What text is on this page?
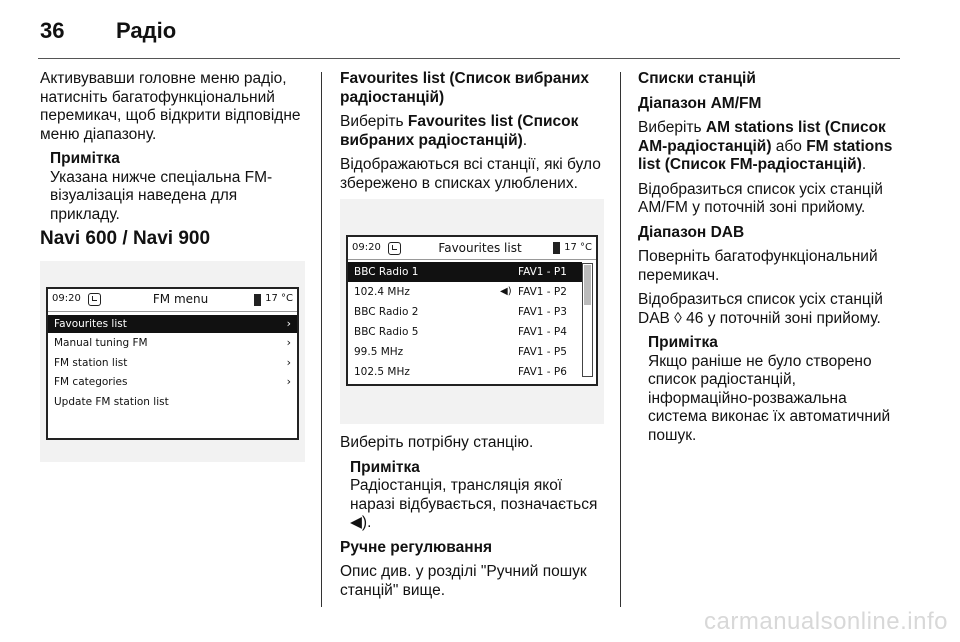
36 Радіо

Активувавши головне меню радіо, натисніть багатофункціональний перемикач, щоб відкрити відповідне меню діапазону.

Примітка
Указана нижче спеціальна FM-візуалізація наведена для прикладу.
Navi 600 / Navi 900
09:20	FM menu	17 °C
Favourites list	›
Manual tuning FM	›
FM station list	›
FM categories	›
Update FM station list
Favourites list (Список вибраних радіостанцій)

Виберіть Favourites list (Список вибраних радіостанцій).

Відображаються всі станції, які було збережено в списках улюблених.

09:20	Favourites list	17 °C
BBC Radio 1	FAV1 - P1
102.4 MHz	◀) FAV1 - P2
BBC Radio 2	FAV1 - P3
BBC Radio 5	FAV1 - P4
99.5 MHz	FAV1 - P5
102.5 MHz	FAV1 - P6

Виберіть потрібну станцію.

Примітка
Радіостанція, трансляція якої наразі відбувається, позначається ◀).
Ручне регулювання

Опис див. у розділі "Ручний пошук станцій" вище.

Списки станцій
Діапазон AM/FM

Виберіть AM stations list (Список AM-радіостанцій) або FM stations list (Список FM-радіостанцій).

Відобразиться список усіх станцій AM/FM у поточній зоні прийому.

Діапазон DAB

Поверніть багатофункціональний перемикач.

Відобразиться список усіх станцій DAB ◊ 46 у поточній зоні прийому.

Примітка
Якщо раніше не було створено список радіостанцій, інформаційно-розважальна система виконає їх автоматичний пошук.
carmanualsonline.info
